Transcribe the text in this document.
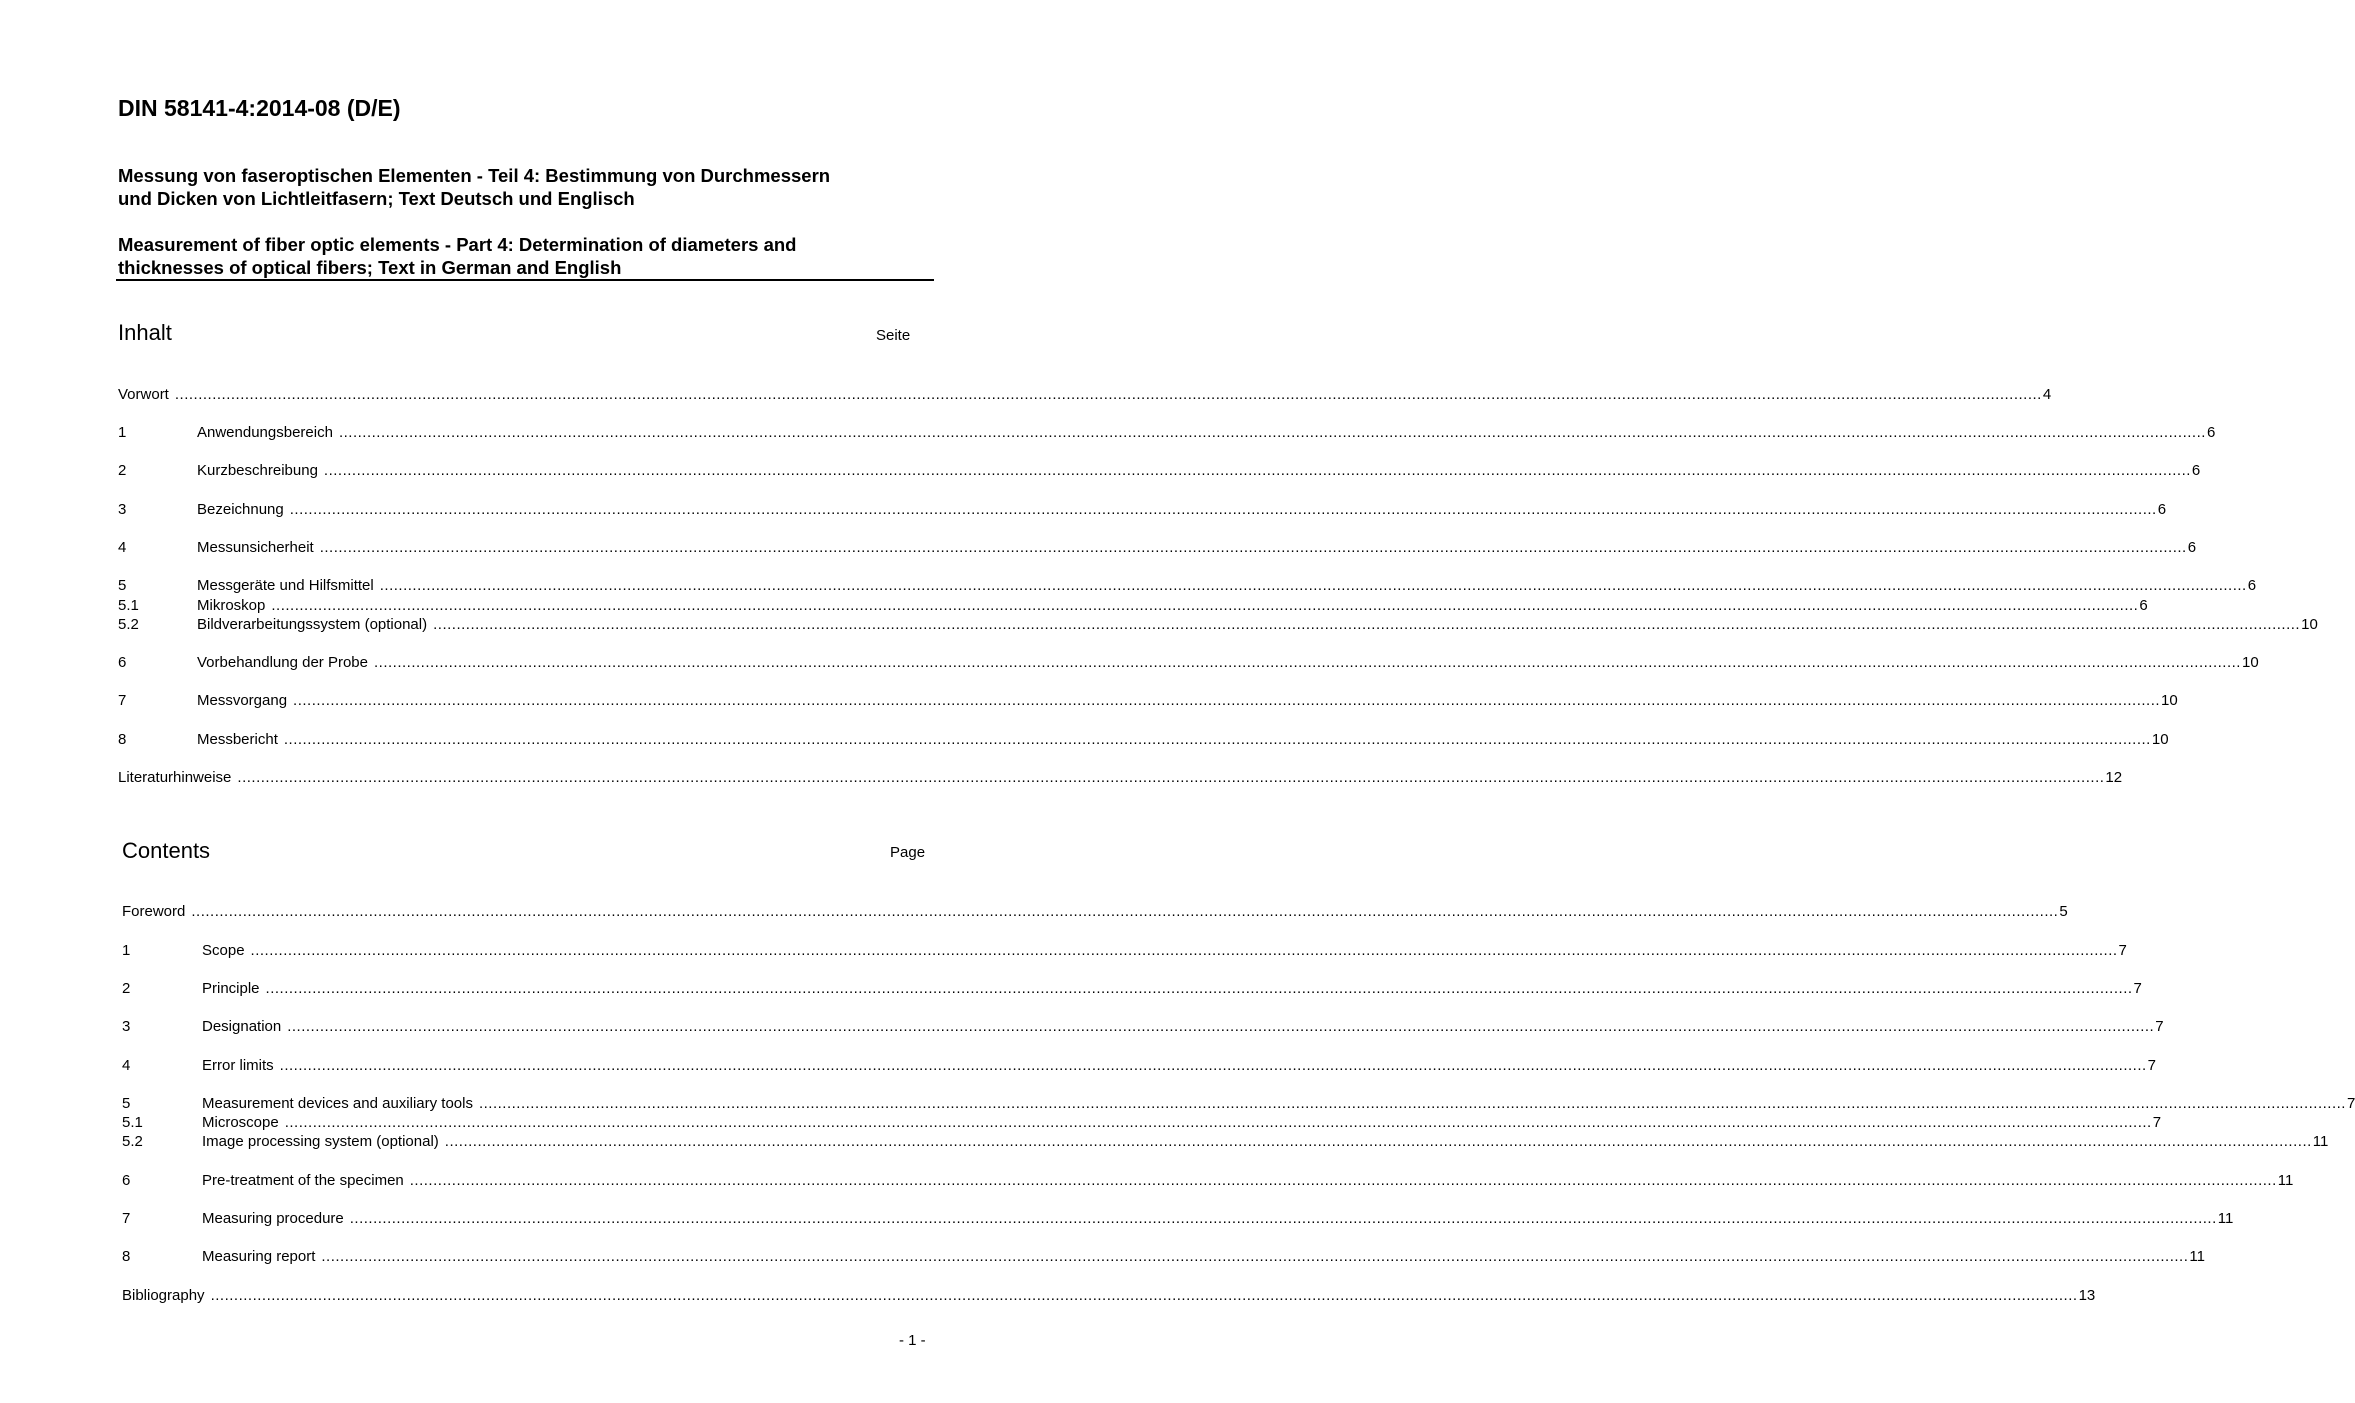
DIN 58141-4:2014-08 (D/E)
Messung von faseroptischen Elementen - Teil 4: Bestimmung von Durchmessern
und Dicken von Lichtleitfasern; Text Deutsch und Englisch
Measurement of fiber optic elements - Part 4: Determination of diameters and
thicknesses of optical fibers; Text in German and English
Inhalt	Seite
Vorwort ................................................................................................................................................................................................................................................................................................................................................................................................................ 4
1	Anwendungsbereich ................................................................................................................................................................................................................................................................................................................................................................................................................ 6
2	Kurzbeschreibung ................................................................................................................................................................................................................................................................................................................................................................................................................ 6
3	Bezeichnung ................................................................................................................................................................................................................................................................................................................................................................................................................ 6
4	Messunsicherheit ................................................................................................................................................................................................................................................................................................................................................................................................................ 6
5	Messgeräte und Hilfsmittel ................................................................................................................................................................................................................................................................................................................................................................................................................ 6
5.1	Mikroskop ................................................................................................................................................................................................................................................................................................................................................................................................................ 6
5.2	Bildverarbeitungssystem (optional) ................................................................................................................................................................................................................................................................................................................................................................................................................ 10
6	Vorbehandlung der Probe ................................................................................................................................................................................................................................................................................................................................................................................................................ 10
7	Messvorgang ................................................................................................................................................................................................................................................................................................................................................................................................................ 10
8	Messbericht ................................................................................................................................................................................................................................................................................................................................................................................................................ 10
Literaturhinweise ................................................................................................................................................................................................................................................................................................................................................................................................................ 12
Contents	Page
Foreword ................................................................................................................................................................................................................................................................................................................................................................................................................ 5
1	Scope ................................................................................................................................................................................................................................................................................................................................................................................................................ 7
2	Principle ................................................................................................................................................................................................................................................................................................................................................................................................................ 7
3	Designation ................................................................................................................................................................................................................................................................................................................................................................................................................ 7
4	Error limits ................................................................................................................................................................................................................................................................................................................................................................................................................ 7
5	Measurement devices and auxiliary tools ................................................................................................................................................................................................................................................................................................................................................................................................................ 7
5.1	Microscope ................................................................................................................................................................................................................................................................................................................................................................................................................ 7
5.2	Image processing system (optional) ................................................................................................................................................................................................................................................................................................................................................................................................................ 11
6	Pre-treatment of the specimen ................................................................................................................................................................................................................................................................................................................................................................................................................ 11
7	Measuring procedure ................................................................................................................................................................................................................................................................................................................................................................................................................ 11
8	Measuring report ................................................................................................................................................................................................................................................................................................................................................................................................................ 11
Bibliography ................................................................................................................................................................................................................................................................................................................................................................................................................ 13
- 1 -
